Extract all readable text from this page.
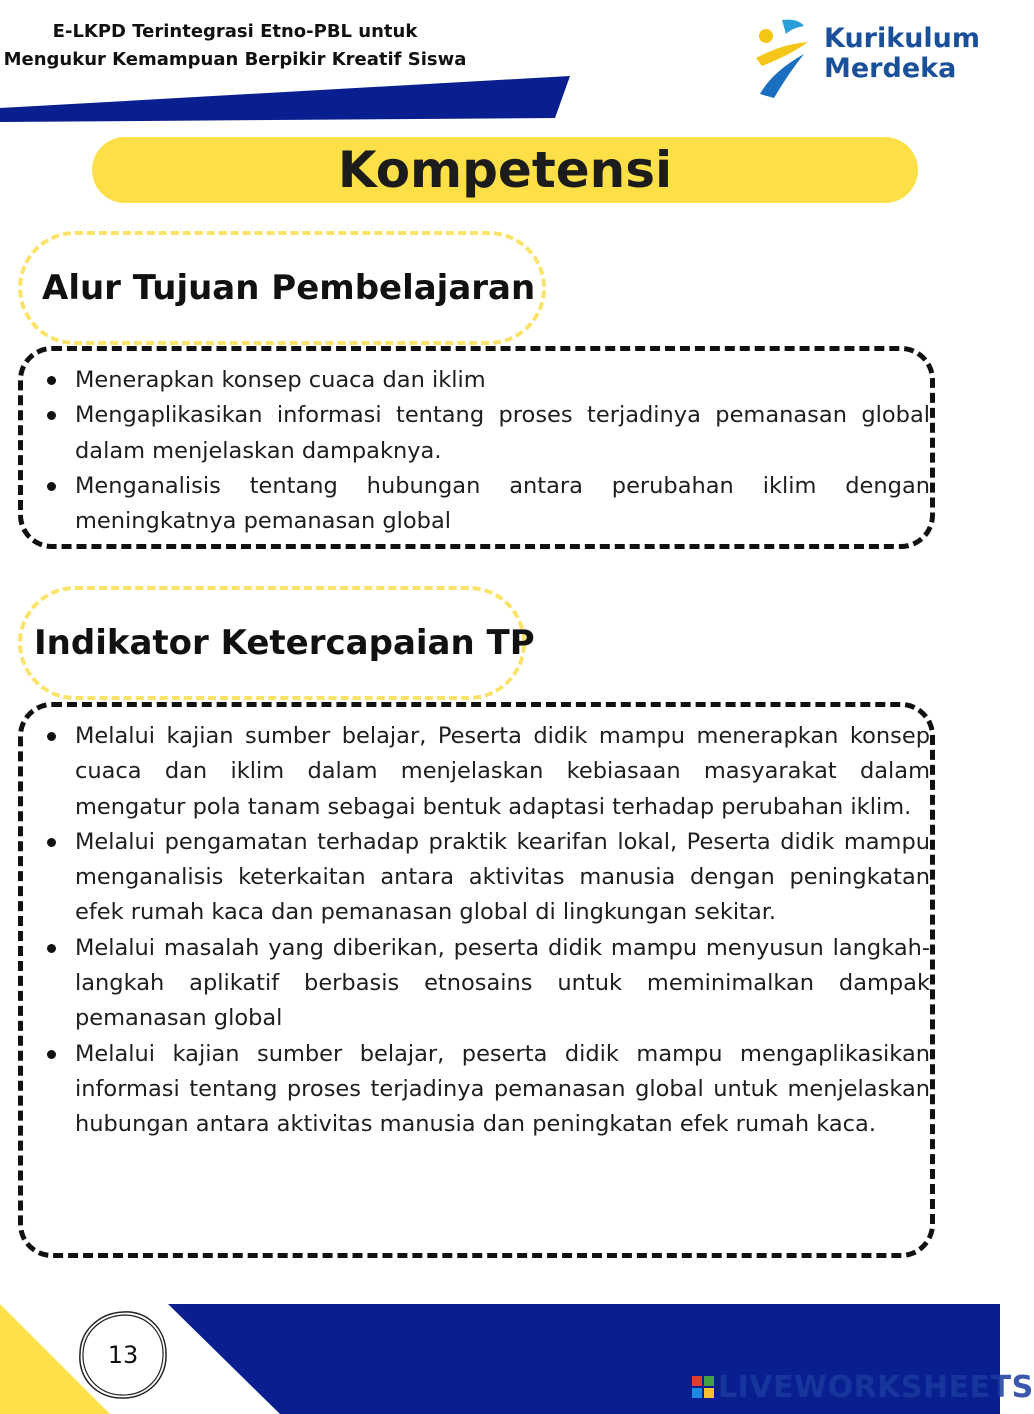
E-LKPD Terintegrasi Etno-PBL untuk
Mengukur Kemampuan Berpikir Kreatif Siswa
Kurikulum
Merdeka
Kompetensi
Alur Tujuan Pembelajaran
Menerapkan konsep cuaca dan iklim
Mengaplikasikan informasi tentang proses terjadinya pemanasan global dalam menjelaskan dampaknya.
Menganalisis tentang hubungan antara perubahan iklim dengan meningkatnya pemanasan global
Indikator Ketercapaian TP
Melalui kajian sumber belajar, Peserta didik mampu menerapkan konsep cuaca dan iklim dalam menjelaskan kebiasaan masyarakat dalam mengatur pola tanam sebagai bentuk adaptasi terhadap perubahan iklim.
Melalui pengamatan terhadap praktik kearifan lokal, Peserta didik mampu menganalisis keterkaitan antara aktivitas manusia dengan peningkatan efek rumah kaca dan pemanasan global di lingkungan sekitar.
Melalui masalah yang diberikan, peserta didik mampu menyusun langkah-langkah aplikatif berbasis etnosains untuk meminimalkan dampak pemanasan global
Melalui kajian sumber belajar, peserta didik mampu mengaplikasikan informasi tentang proses terjadinya pemanasan global untuk menjelaskan hubungan antara aktivitas manusia dan peningkatan efek rumah kaca.
13
LIVEWORKSHEETS
